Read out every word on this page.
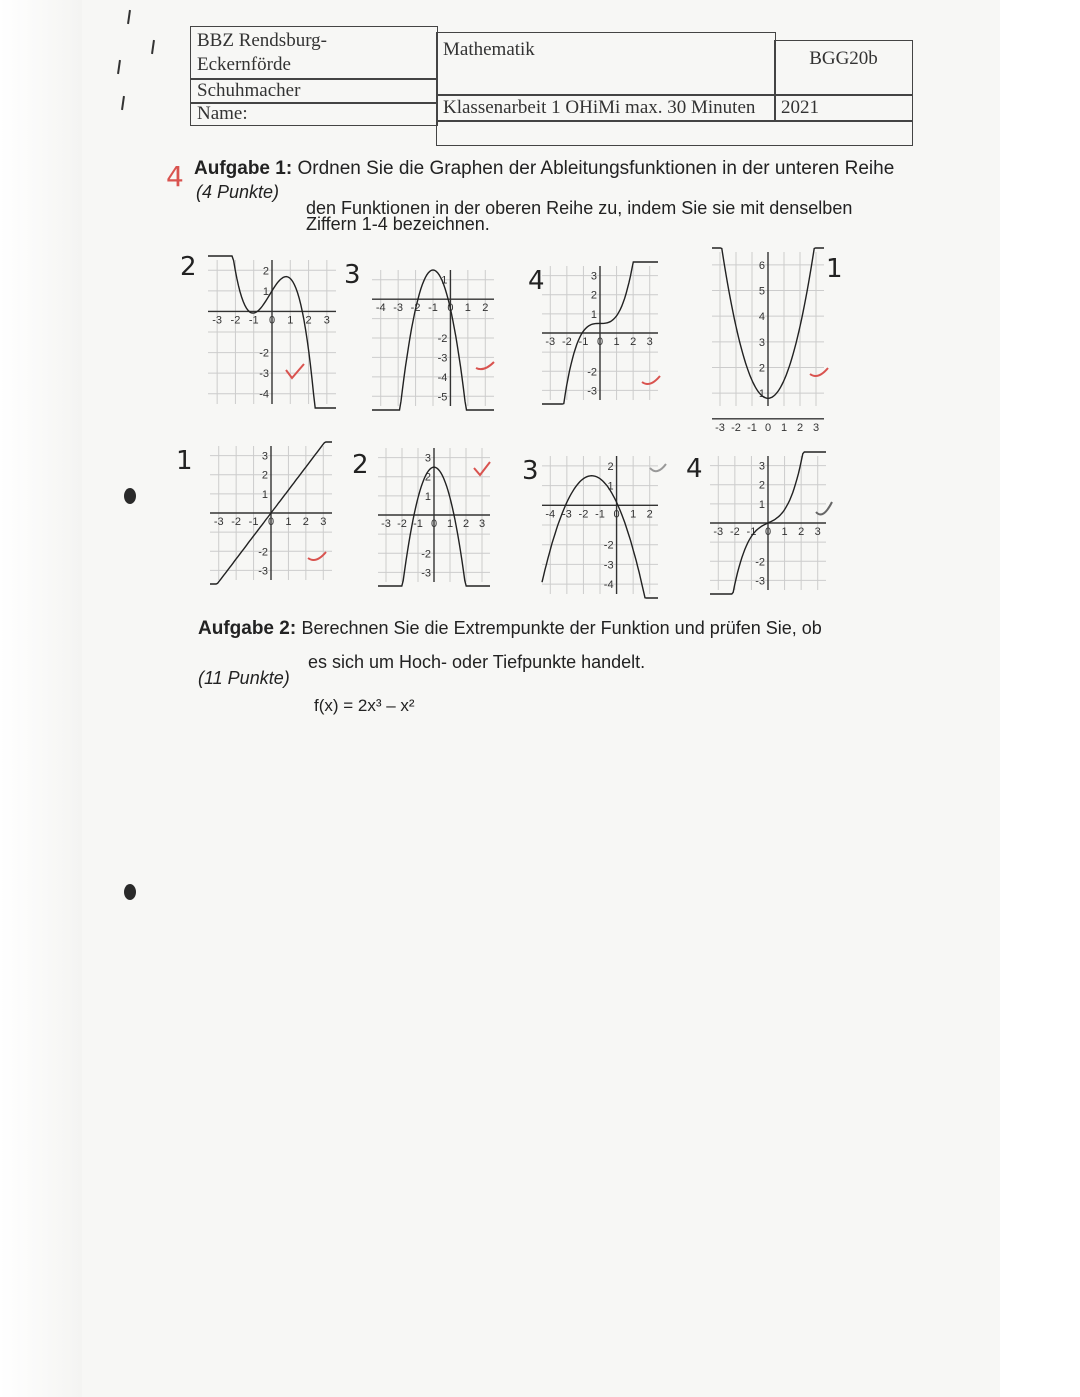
BBZ Rendsburg-
Eckernförde
Mathematik	BGG20b
Schuhmacher
Name:	Klassenarbeit 1 OHiMi max. 30 Minuten	2021
4 Aufgabe 1: Ordnen Sie die Graphen der Ableitungsfunktionen in der unteren Reihe
(4 Punkte)
den Funktionen in der oberen Reihe zu, indem Sie sie mit denselben
Ziffern 1-4 bezeichnen.
2	3	4	1
1	2	3	4
-3 -2 -1 0 1 2 3
2
1
-2
-3
-4
-4 -3 -2 -1 0 1 2
1
-2
-3
-4
-5
-3 -2 -1 0 1 2 3
3
2
1
-2
-3
-3 -2 -1 0 1 2 3
6
5
4
3
2
1
-3 -2 -1 0 1 2 3
3
2
1
-2
-3
-3 -2 -1 0 1 2 3
3
2
1
-2
-3
-4 -3 -2 -1 0 1 2
2
1
-2
-3
-4
-3 -2 -1 0 1 2 3
3
2
1
-2
-3
Aufgabe 2: Berechnen Sie die Extrempunkte der Funktion und prüfen Sie, ob
es sich um Hoch- oder Tiefpunkte handelt.
(11 Punkte)
f(x) = 2x³ – x²
